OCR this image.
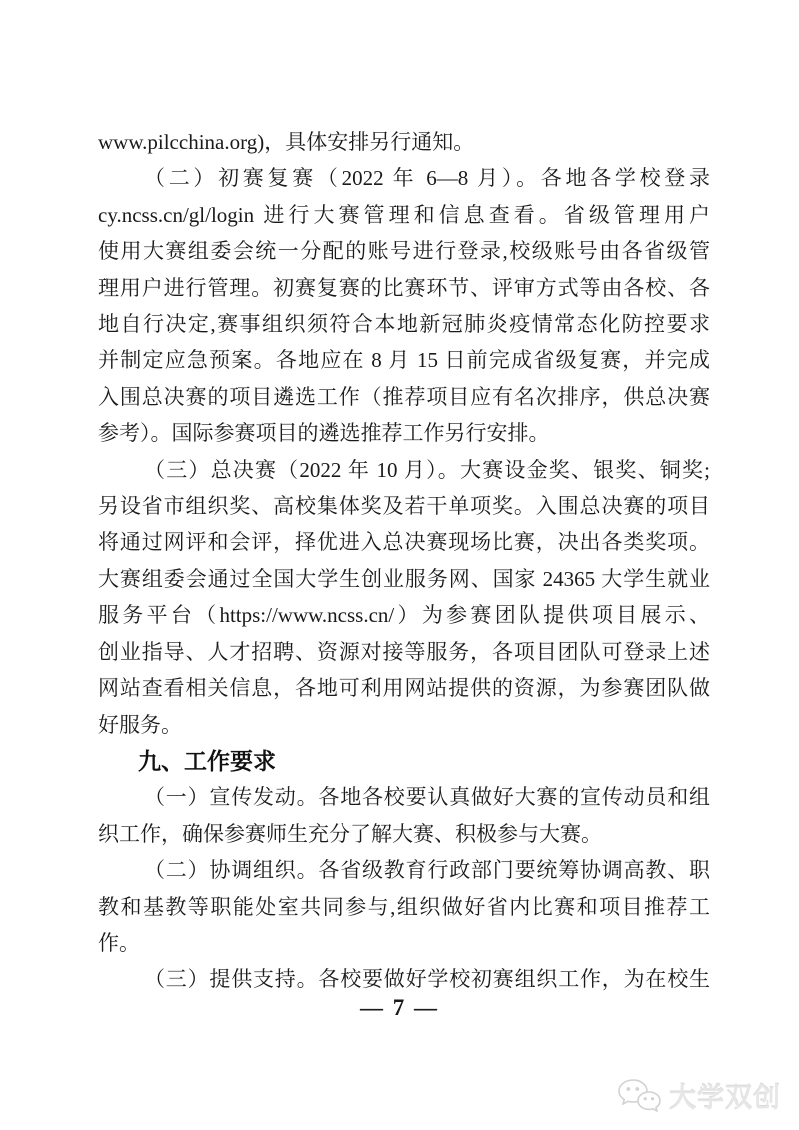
www.pilcchina.org)，具体安排另行通知。
（二）初赛复赛（2022 年 6—8 月）。各地各学校登录
cy.ncss.cn/gl/login 进行大赛管理和信息查看。省级管理用户
使用大赛组委会统一分配的账号进行登录,校级账号由各省级管
理用户进行管理。初赛复赛的比赛环节、评审方式等由各校、各
地自行决定,赛事组织须符合本地新冠肺炎疫情常态化防控要求
并制定应急预案。各地应在 8 月 15 日前完成省级复赛，并完成
入围总决赛的项目遴选工作（推荐项目应有名次排序，供总决赛
参考）。国际参赛项目的遴选推荐工作另行安排。
（三）总决赛（2022 年 10 月）。大赛设金奖、银奖、铜奖;
另设省市组织奖、高校集体奖及若干单项奖。入围总决赛的项目
将通过网评和会评，择优进入总决赛现场比赛，决出各类奖项。
大赛组委会通过全国大学生创业服务网、国家 24365 大学生就业
服务平台（https://www.ncss.cn/）为参赛团队提供项目展示、
创业指导、人才招聘、资源对接等服务，各项目团队可登录上述
网站查看相关信息，各地可利用网站提供的资源，为参赛团队做
好服务。
九、工作要求
（一）宣传发动。各地各校要认真做好大赛的宣传动员和组
织工作，确保参赛师生充分了解大赛、积极参与大赛。
（二）协调组织。各省级教育行政部门要统筹协调高教、职
教和基教等职能处室共同参与,组织做好省内比赛和项目推荐工
作。
（三）提供支持。各校要做好学校初赛组织工作，为在校生
— 7 —
大学双创
